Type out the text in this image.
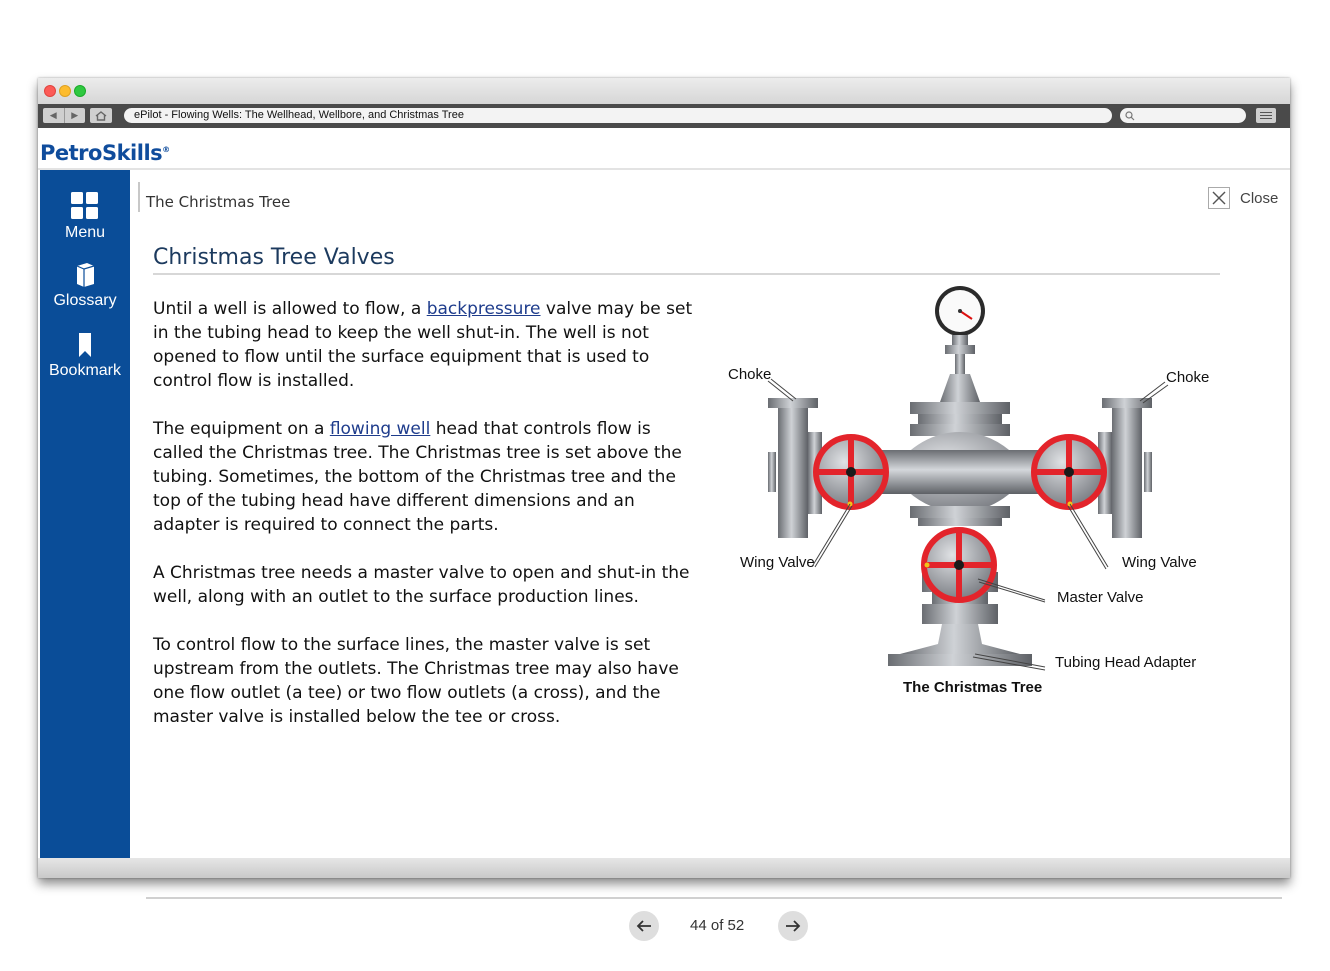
◀	▶	ePilot - Flowing Wells: The Wellhead, Wellbore, and Christmas Tree
PetroSkills®
Menu
Glossary
Bookmark
The Christmas Tree	Close
Christmas Tree Valves

Until a well is allowed to flow, a backpressure valve may be set in the tubing head to keep the well shut-in. The well is not opened to flow until the surface equipment that is used to control flow is installed.

The equipment on a flowing well head that controls flow is called the Christmas tree. The Christmas tree is set above the tubing. Sometimes, the bottom of the Christmas tree and the top of the tubing head have different dimensions and an adapter is required to connect the parts.

A Christmas tree needs a master valve to open and shut-in the well, along with an outlet to the surface production lines.

To control flow to the surface lines, the master valve is set upstream from the outlets. The Christmas tree may also have one flow outlet (a tee) or two flow outlets (a cross), and the master valve is installed below the tee or cross.

Choke	Choke
Wing Valve	Wing Valve
Master Valve
Tubing Head Adapter
The Christmas Tree
44 of 52
